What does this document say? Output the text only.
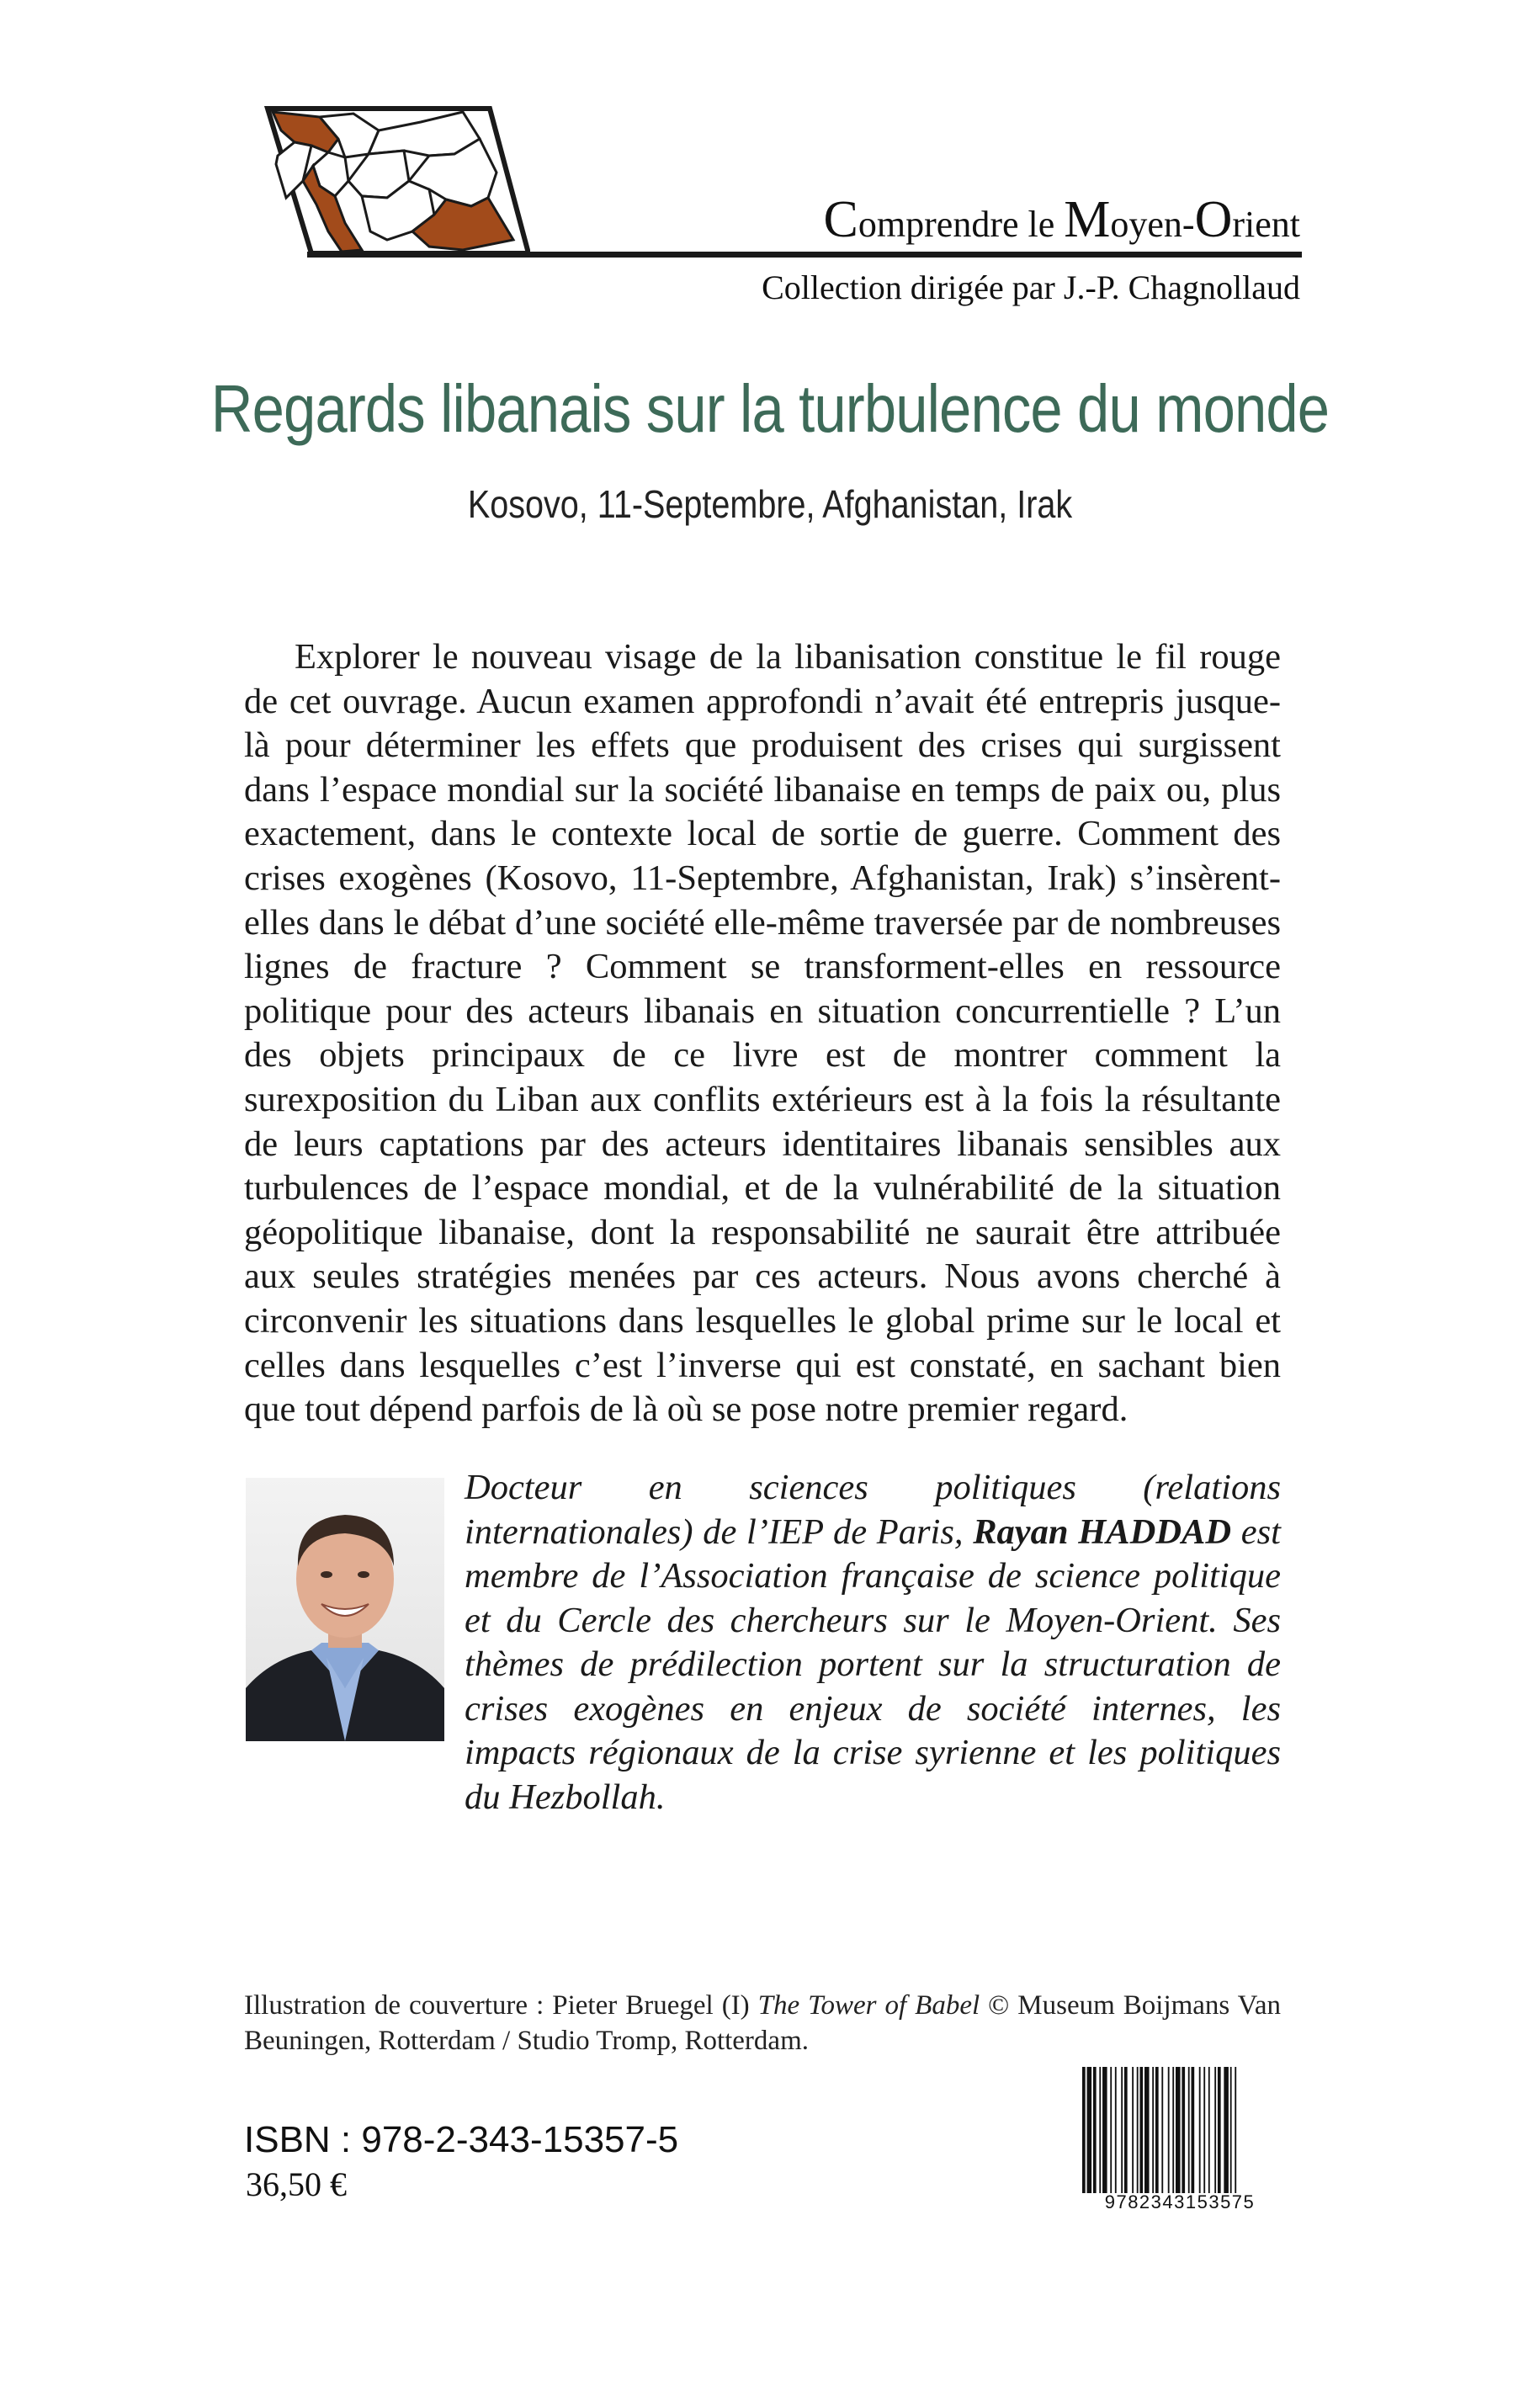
Comprendre le Moyen-Orient
Collection dirigée par J.-P. Chagnollaud
Regards libanais sur la turbulence du monde
Kosovo, 11-Septembre, Afghanistan, Irak

Explorer le nouveau visage de la libanisation constitue le fil rouge de cet ouvrage. Aucun examen approfondi n’avait été entrepris jusque-là pour déterminer les effets que produisent des crises qui surgissent dans l’espace mondial sur la société libanaise en temps de paix ou, plus exactement, dans le contexte local de sortie de guerre. Comment des crises exogènes (Kosovo, 11-Septembre, Afghanistan, Irak) s’insèrent-elles dans le débat d’une société elle-même traversée par de nombreuses lignes de fracture ? Comment se transforment-elles en ressource politique pour des acteurs libanais en situation concurrentielle ? L’un des objets principaux de ce livre est de montrer comment la surexposition du Liban aux conflits extérieurs est à la fois la résultante de leurs captations par des acteurs identitaires libanais sensibles aux turbulences de l’espace mondial, et de la vulnérabilité de la situation géopolitique libanaise, dont la responsabilité ne saurait être attribuée aux seules stratégies menées par ces acteurs. Nous avons cherché à circonvenir les situations dans lesquelles le global prime sur le local et celles dans lesquelles c’est l’inverse qui est constaté, en sachant bien que tout dépend parfois de là où se pose notre premier regard.

Docteur en sciences politiques (relations internationales) de l’IEP de Paris, Rayan HADDAD est membre de l’Association française de science politique et du Cercle des chercheurs sur le Moyen-Orient. Ses thèmes de prédilection portent sur la structuration de crises exogènes en enjeux de société internes, les impacts régionaux de la crise syrienne et les politiques du Hezbollah.

Illustration de couverture : Pieter Bruegel (I) The Tower of Babel © Museum Boijmans Van Beuningen, Rotterdam / Studio Tromp, Rotterdam.

ISBN : 978-2-343-15357-5
36,50 €	9782343153575
